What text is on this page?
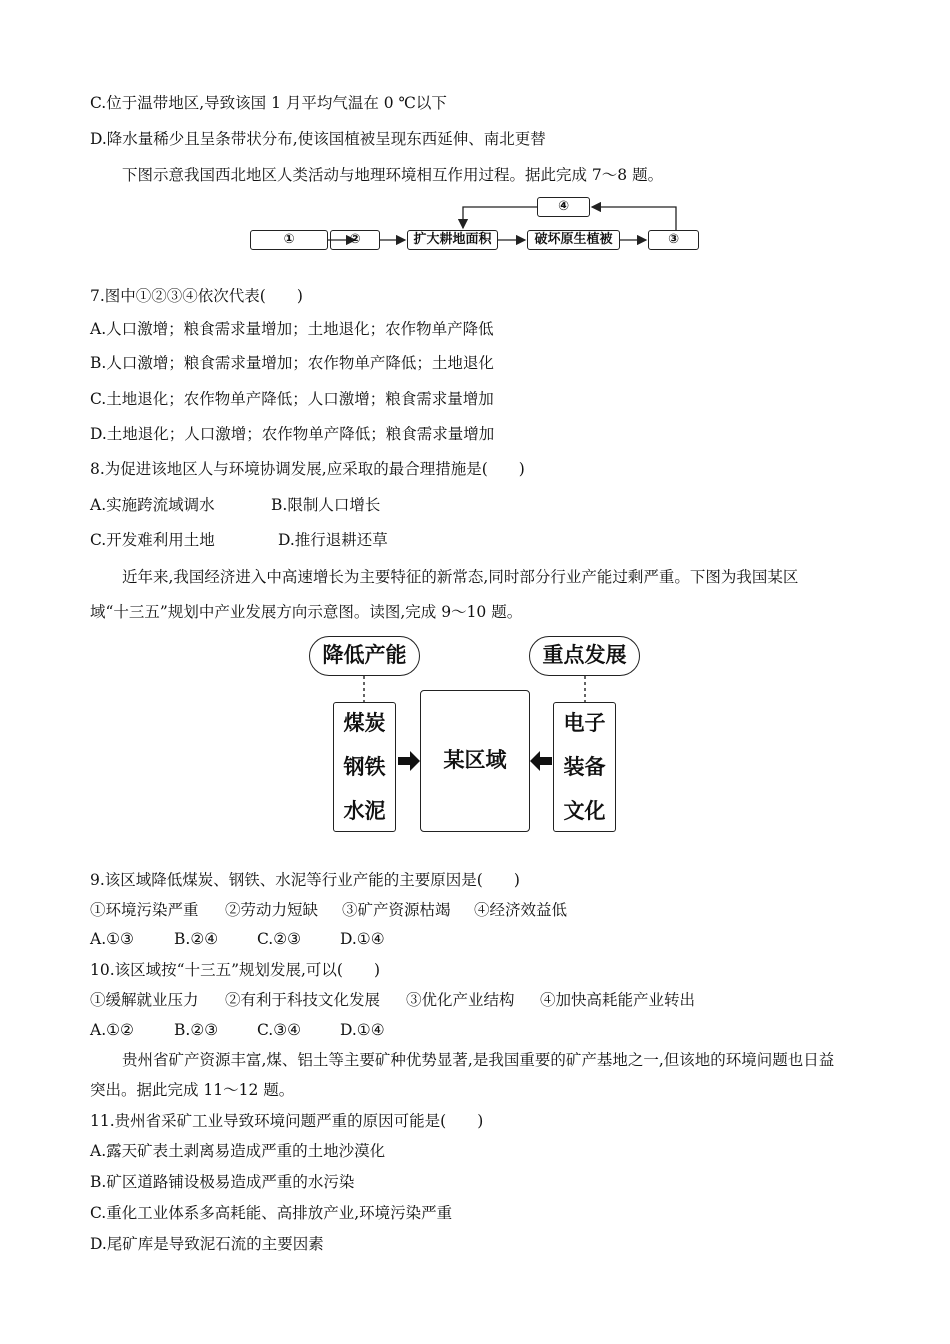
C.位于温带地区,导致该国 1 月平均气温在 0 ℃以下
D.降水量稀少且呈条带状分布,使该国植被呈现东西延伸、南北更替
下图示意我国西北地区人类活动与地理环境相互作用过程。据此完成 7～8 题。
①	②	扩大耕地面积	破坏原生植被	③
④
7.图中①②③④依次代表(　　)
A.人口激增；粮食需求量增加；土地退化；农作物单产降低
B.人口激增；粮食需求量增加；农作物单产降低；土地退化
C.土地退化；农作物单产降低；人口激增；粮食需求量增加
D.土地退化；人口激增；农作物单产降低；粮食需求量增加
8.为促进该地区人与环境协调发展,应采取的最合理措施是(　　)
A.实施跨流域调水	B.限制人口增长
C.开发难利用土地	D.推行退耕还草
近年来,我国经济进入中高速增长为主要特征的新常态,同时部分行业产能过剩严重。下图为我国某区
域“十三五”规划中产业发展方向示意图。读图,完成 9～10 题。
降低产能	重点发展
煤炭
钢铁
水泥
某区域
电子
装备
文化
9.该区域降低煤炭、钢铁、水泥等行业产能的主要原因是(　　)
①环境污染严重 ②劳动力短缺 ③矿产资源枯竭 ④经济效益低
A.①③	B.②④	C.②③	D.①④
10.该区域按“十三五”规划发展,可以(　　)
①缓解就业压力 ②有利于科技文化发展 ③优化产业结构 ④加快高耗能产业转出
A.①②	B.②③	C.③④	D.①④
贵州省矿产资源丰富,煤、铝土等主要矿种优势显著,是我国重要的矿产基地之一,但该地的环境问题也日益
突出。据此完成 11～12 题。
11.贵州省采矿工业导致环境问题严重的原因可能是(　　)
A.露天矿表土剥离易造成严重的土地沙漠化
B.矿区道路铺设极易造成严重的水污染
C.重化工业体系多高耗能、高排放产业,环境污染严重
D.尾矿库是导致泥石流的主要因素
